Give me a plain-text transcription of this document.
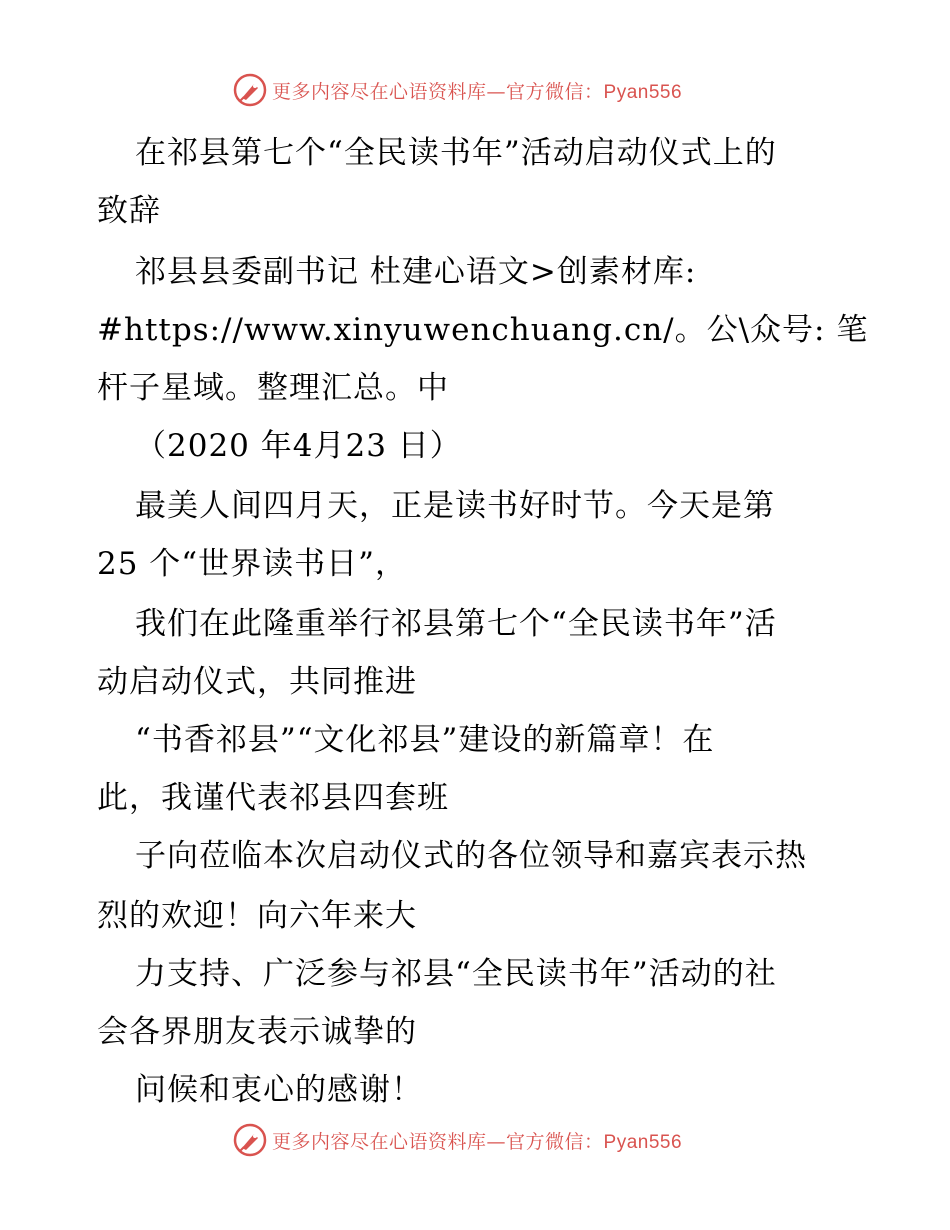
更多内容尽在心语资料库—官方微信：Pyan556
在祁县第七个“全民读书年”活动启动仪式上的
致辞
祁县县委副书记 杜建心语文>创素材库:
#https://www.xinyuwenchuang.cn/。公\众号: 笔
杆子星域。整理汇总。中
（2020 年4月23 日）
最美人间四月天，正是读书好时节。今天是第
25 个“世界读书日”，
我们在此隆重举行祁县第七个“全民读书年”活
动启动仪式，共同推进
“书香祁县”“文化祁县”建设的新篇章！在
此，我谨代表祁县四套班
子向莅临本次启动仪式的各位领导和嘉宾表示热
烈的欢迎！向六年来大
力支持、广泛参与祁县“全民读书年”活动的社
会各界朋友表示诚挚的
问候和衷心的感谢！
更多内容尽在心语资料库—官方微信：Pyan556
